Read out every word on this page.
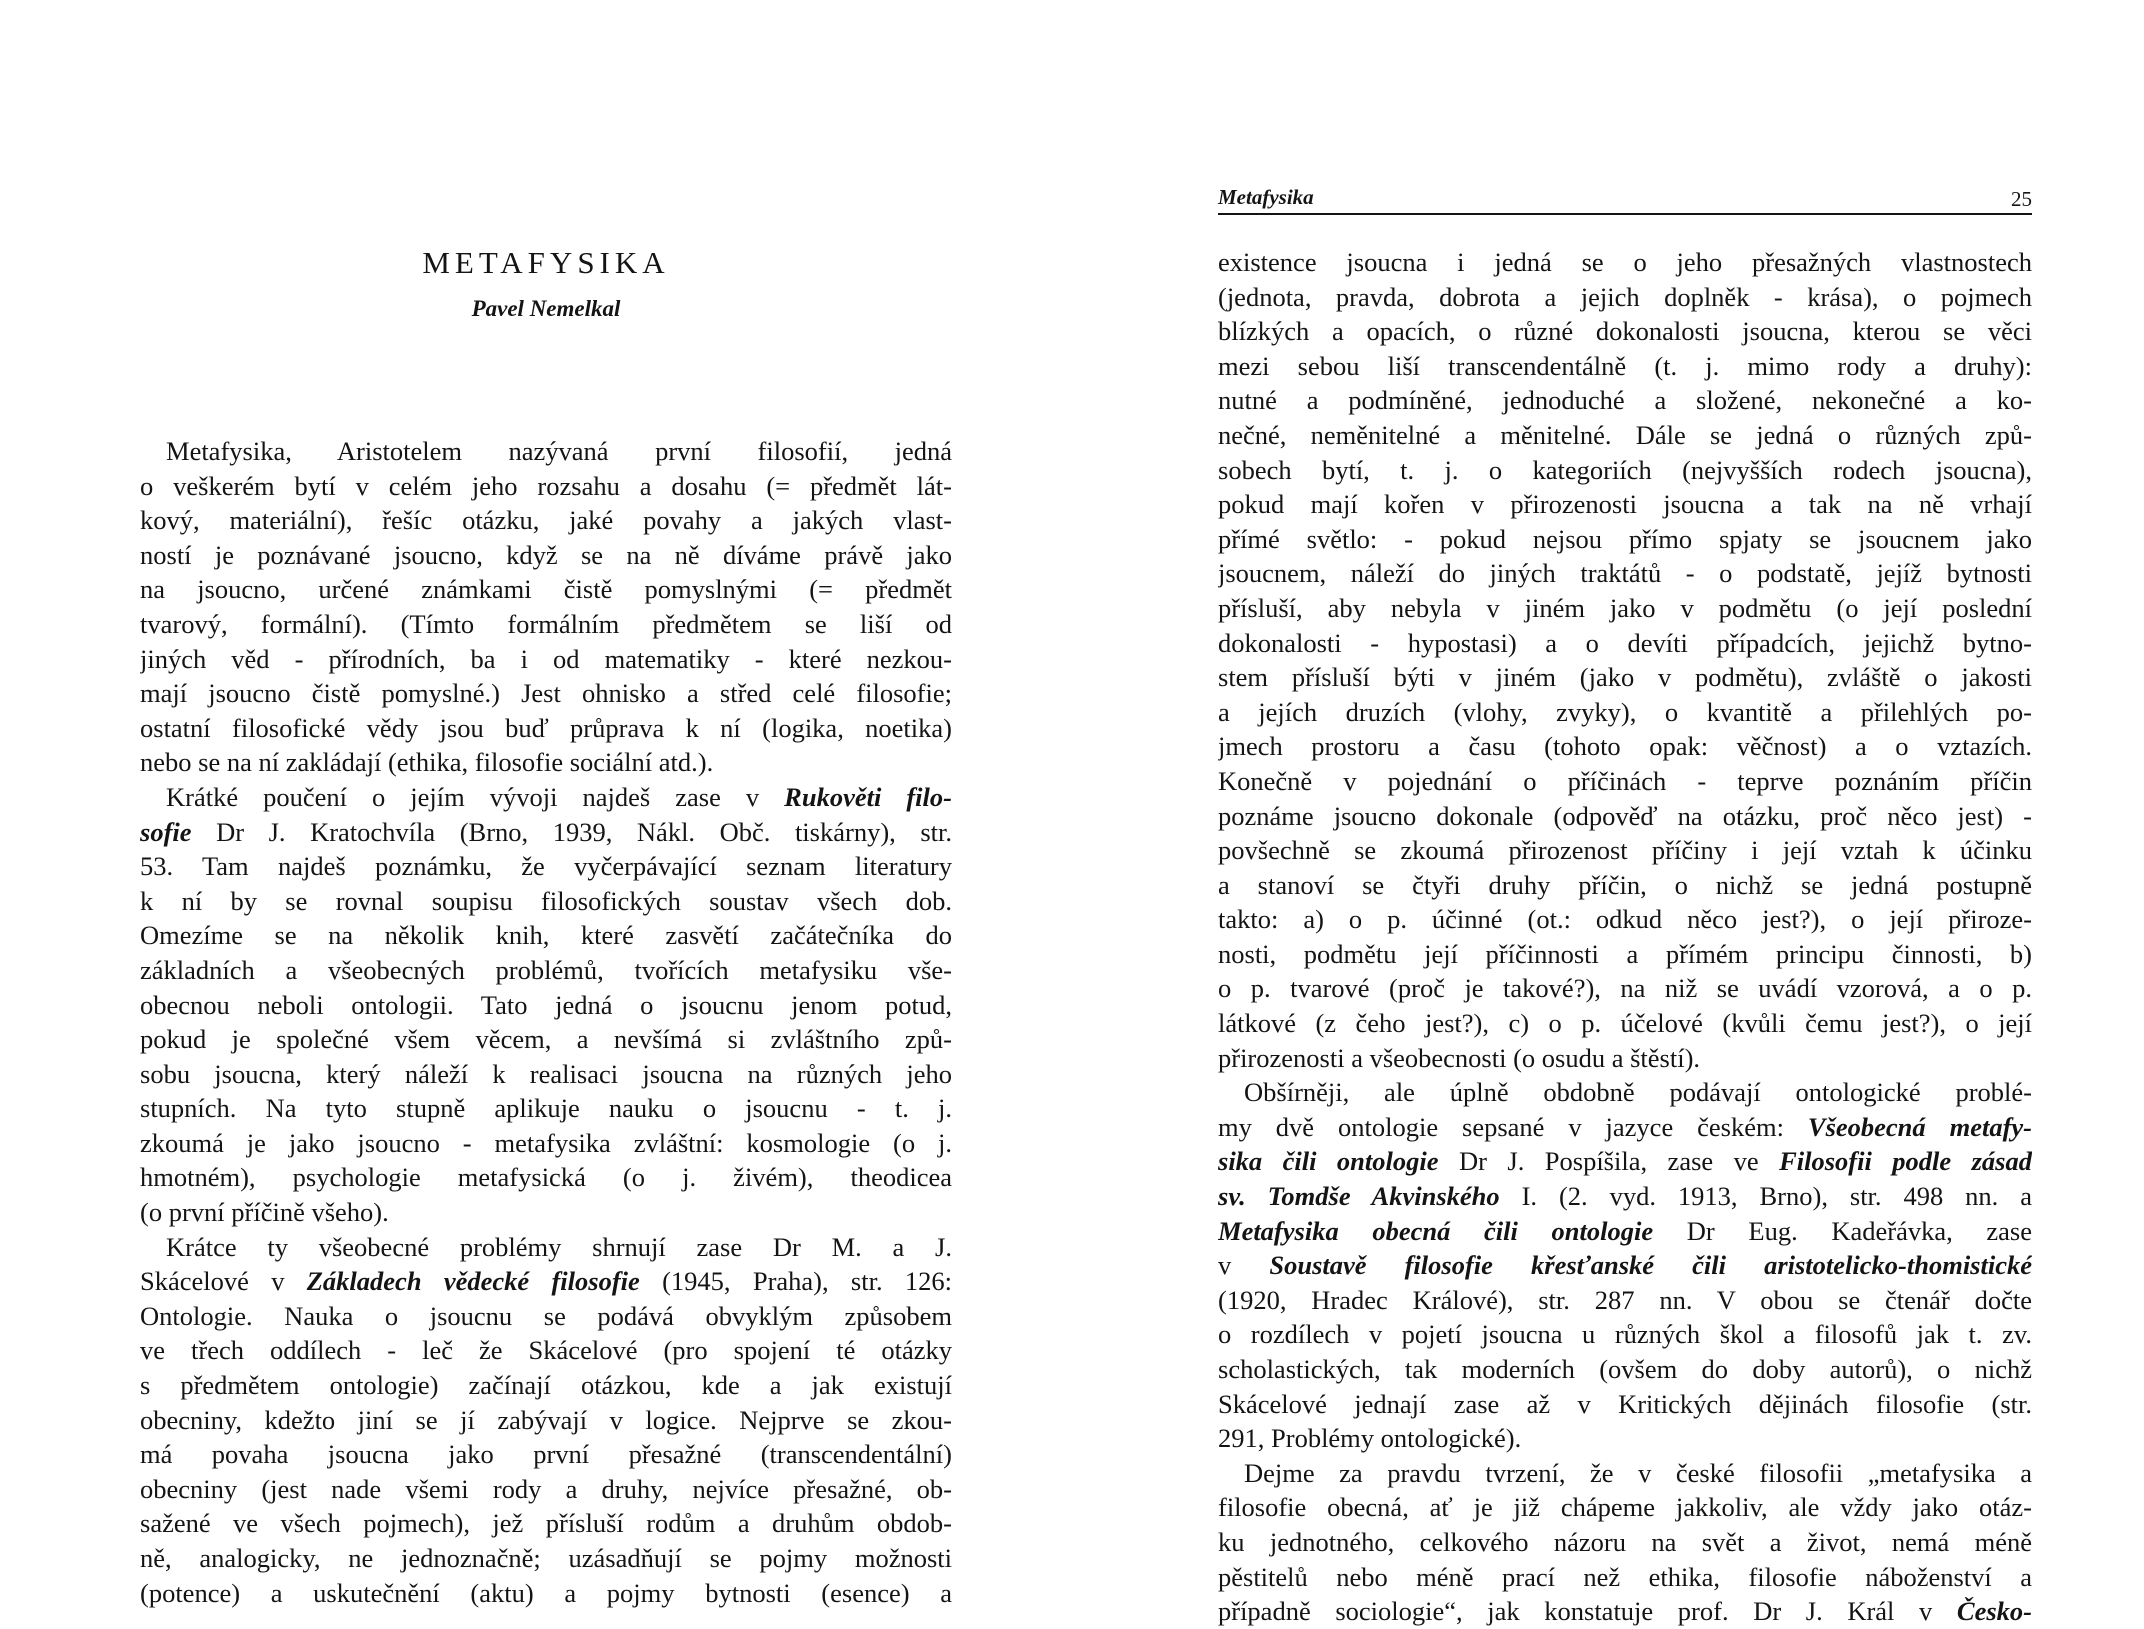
METAFYSIKA
Pavel Nemelkal
Metafysika, Aristotelem nazývaná první filosofií, jedná
o veškerém bytí v celém jeho rozsahu a dosahu (= předmět lát-
kový, materiální), řešíc otázku, jaké povahy a jakých vlast-
ností je poznávané jsoucno, když se na ně díváme právě jako
na jsoucno, určené známkami čistě pomyslnými (= předmět
tvarový, formální). (Tímto formálním předmětem se liší od
jiných věd - přírodních, ba i od matematiky - které nezkou-
mají jsoucno čistě pomyslné.) Jest ohnisko a střed celé filosofie;
ostatní filosofické vědy jsou buď průprava k ní (logika, noetika)
nebo se na ní zakládají (ethika, filosofie sociální atd.).
Krátké poučení o jejím vývoji najdeš zase v Rukověti filo-
sofie Dr J. Kratochvíla (Brno, 1939, Nákl. Obč. tiskárny), str.
53. Tam najdeš poznámku, že vyčerpávající seznam literatury
k ní by se rovnal soupisu filosofických soustav všech dob.
Omezíme se na několik knih, které zasvětí začátečníka do
základních a všeobecných problémů, tvořících metafysiku vše-
obecnou neboli ontologii. Tato jedná o jsoucnu jenom potud,
pokud je společné všem věcem, a nevšímá si zvláštního způ-
sobu jsoucna, který náleží k realisaci jsoucna na různých jeho
stupních. Na tyto stupně aplikuje nauku o jsoucnu - t. j.
zkoumá je jako jsoucno - metafysika zvláštní: kosmologie (o j.
hmotném), psychologie metafysická (o j. živém), theodicea
(o první příčině všeho).
Krátce ty všeobecné problémy shrnují zase Dr M. a J.
Skácelové v Základech vědecké filosofie (1945, Praha), str. 126:
Ontologie. Nauka o jsoucnu se podává obvyklým způsobem
ve třech oddílech - leč že Skácelové (pro spojení té otázky
s předmětem ontologie) začínají otázkou, kde a jak existují
obecniny, kdežto jiní se jí zabývají v logice. Nejprve se zkou-
má povaha jsoucna jako první přesažné (transcendentální)
obecniny (jest nade všemi rody a druhy, nejvíce přesažné, ob-
sažené ve všech pojmech), jež přísluší rodům a druhům obdob-
ně, analogicky, ne jednoznačně; uzásadňují se pojmy možnosti
(potence) a uskutečnění (aktu) a pojmy bytnosti (esence) a
Metafysika	25
existence jsoucna i jedná se o jeho přesažných vlastnostech
(jednota, pravda, dobrota a jejich doplněk - krása), o pojmech
blízkých a opacích, o různé dokonalosti jsoucna, kterou se věci
mezi sebou liší transcendentálně (t. j. mimo rody a druhy):
nutné a podmíněné, jednoduché a složené, nekonečné a ko-
nečné, neměnitelné a měnitelné. Dále se jedná o různých způ-
sobech bytí, t. j. o kategoriích (nejvyšších rodech jsoucna),
pokud mají kořen v přirozenosti jsoucna a tak na ně vrhají
přímé světlo: - pokud nejsou přímo spjaty se jsoucnem jako
jsoucnem, náleží do jiných traktátů - o podstatě, jejíž bytnosti
přísluší, aby nebyla v jiném jako v podmětu (o její poslední
dokonalosti - hypostasi) a o devíti případcích, jejichž bytno-
stem přísluší býti v jiném (jako v podmětu), zvláště o jakosti
a jejích druzích (vlohy, zvyky), o kvantitě a přilehlých po-
jmech prostoru a času (tohoto opak: věčnost) a o vztazích.
Konečně v pojednání o příčinách - teprve poznáním příčin
poznáme jsoucno dokonale (odpověď na otázku, proč něco jest) -
povšechně se zkoumá přirozenost příčiny i její vztah k účinku
a stanoví se čtyři druhy příčin, o nichž se jedná postupně
takto: a) o p. účinné (ot.: odkud něco jest?), o její přiroze-
nosti, podmětu její příčinnosti a přímém principu činnosti, b)
o p. tvarové (proč je takové?), na niž se uvádí vzorová, a o p.
látkové (z čeho jest?), c) o p. účelové (kvůli čemu jest?), o její
přirozenosti a všeobecnosti (o osudu a štěstí).
Obšírněji, ale úplně obdobně podávají ontologické problé-
my dvě ontologie sepsané v jazyce českém: Všeobecná metafy-
sika čili ontologie Dr J. Pospíšila, zase ve Filosofii podle zásad
sv. Tomdše Akvinského I. (2. vyd. 1913, Brno), str. 498 nn. a
Metafysika obecná čili ontologie Dr Eug. Kadeřávka, zase
v Soustavě filosofie křesťanské čili aristotelicko-thomistické
(1920, Hradec Králové), str. 287 nn. V obou se čtenář dočte
o rozdílech v pojetí jsoucna u různých škol a filosofů jak t. zv.
scholastických, tak moderních (ovšem do doby autorů), o nichž
Skácelové jednají zase až v Kritických dějinách filosofie (str.
291, Problémy ontologické).
Dejme za pravdu tvrzení, že v české filosofii „metafysika a
filosofie obecná, ať je již chápeme jakkoliv, ale vždy jako otáz-
ku jednotného, celkového názoru na svět a život, nemá méně
pěstitelů nebo méně prací než ethika, filosofie náboženství a
případně sociologie“, jak konstatuje prof. Dr J. Král v Česko-
